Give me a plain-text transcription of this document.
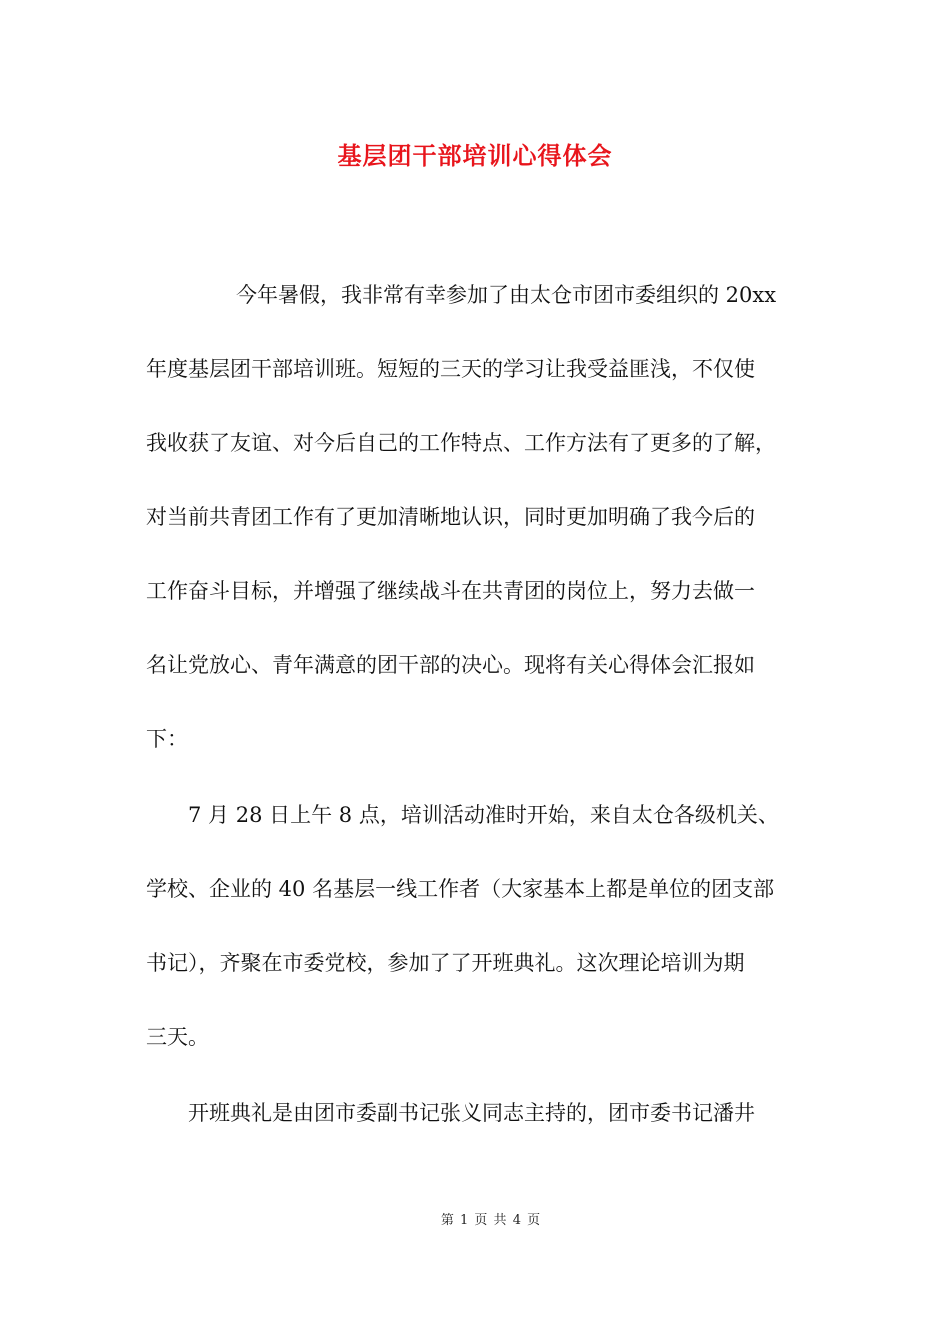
基层团干部培训心得体会
今年暑假，我非常有幸参加了由太仓市团市委组织的 20xx
年度基层团干部培训班。短短的三天的学习让我受益匪浅，不仅使
我收获了友谊、对今后自己的工作特点、工作方法有了更多的了解，
对当前共青团工作有了更加清晰地认识，同时更加明确了我今后的
工作奋斗目标，并增强了继续战斗在共青团的岗位上，努力去做一
名让党放心、青年满意的团干部的决心。现将有关心得体会汇报如
下：
7 月 28 日上午 8 点，培训活动准时开始，来自太仓各级机关、
学校、企业的 40 名基层一线工作者（大家基本上都是单位的团支部
书记），齐聚在市委党校，参加了了开班典礼。这次理论培训为期
三天。
开班典礼是由团市委副书记张义同志主持的，团市委书记潘井
第 1 页 共 4 页
